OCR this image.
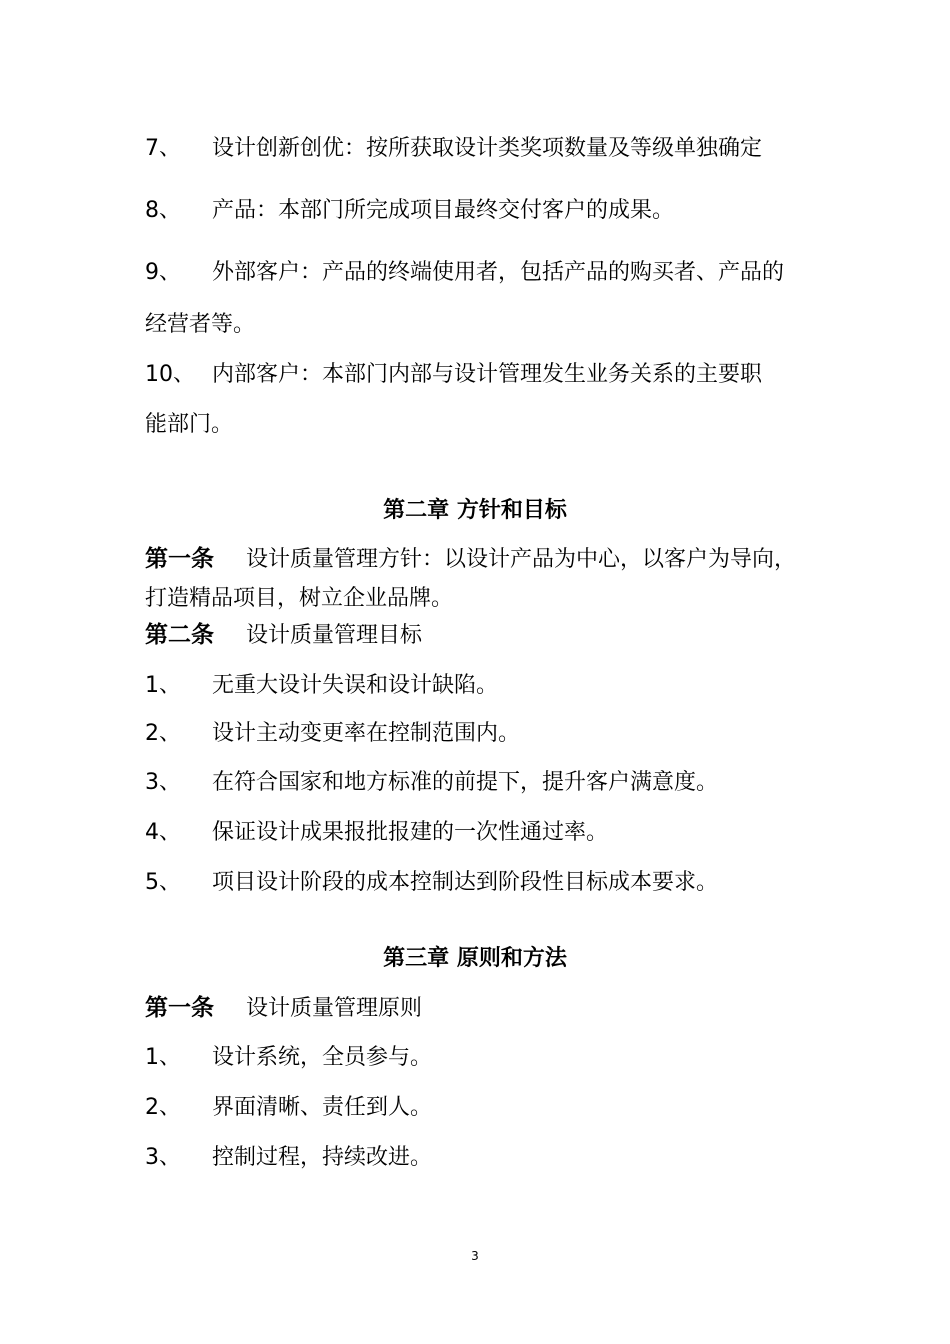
7、 设计创新创优：按所获取设计类奖项数量及等级单独确定
8、 产品：本部门所完成项目最终交付客户的成果。
9、 外部客户：产品的终端使用者，包括产品的购买者、产品的
经营者等。
10、 内部客户：本部门内部与设计管理发生业务关系的主要职
能部门。
第二章 方针和目标
第一条 设计质量管理方针：以设计产品为中心，以客户为导向，
打造精品项目，树立企业品牌。
第二条 设计质量管理目标
1、 无重大设计失误和设计缺陷。
2、 设计主动变更率在控制范围内。
3、 在符合国家和地方标准的前提下，提升客户满意度。
4、 保证设计成果报批报建的一次性通过率。
5、 项目设计阶段的成本控制达到阶段性目标成本要求。
第三章 原则和方法
第一条 设计质量管理原则
1、 设计系统，全员参与。
2、 界面清晰、责任到人。
3、 控制过程，持续改进。
3
